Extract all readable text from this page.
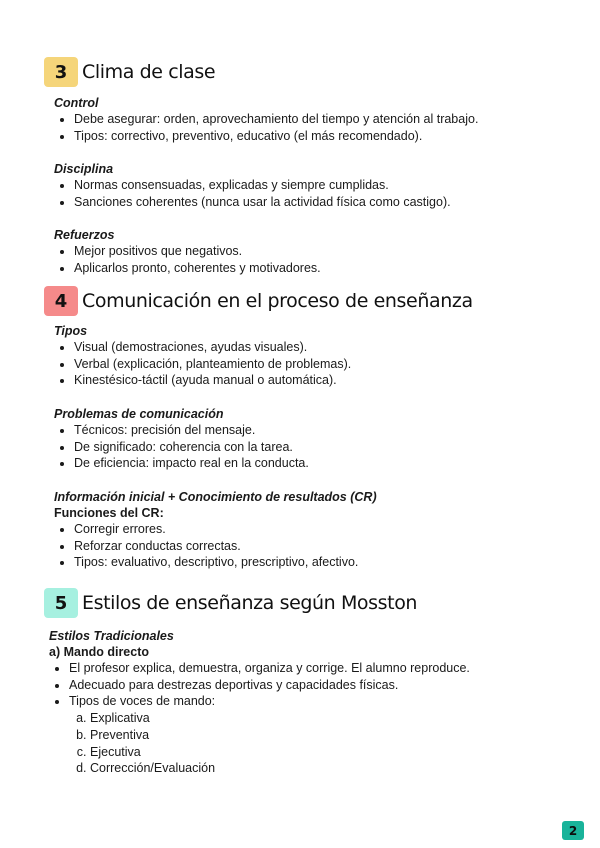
3 Clima de clase
Control
• Debe asegurar: orden, aprovechamiento del tiempo y atención al trabajo.
• Tipos: correctivo, preventivo, educativo (el más recomendado).
Disciplina
• Normas consensuadas, explicadas y siempre cumplidas.
• Sanciones coherentes (nunca usar la actividad física como castigo).
Refuerzos
• Mejor positivos que negativos.
• Aplicarlos pronto, coherentes y motivadores.
4 Comunicación en el proceso de enseñanza
Tipos
• Visual (demostraciones, ayudas visuales).
• Verbal (explicación, planteamiento de problemas).
• Kinestésico-táctil (ayuda manual o automática).
Problemas de comunicación
• Técnicos: precisión del mensaje.
• De significado: coherencia con la tarea.
• De eficiencia: impacto real en la conducta.
Información inicial + Conocimiento de resultados (CR)
Funciones del CR:
• Corregir errores.
• Reforzar conductas correctas.
• Tipos: evaluativo, descriptivo, prescriptivo, afectivo.
5 Estilos de enseñanza según Mosston
Estilos Tradicionales
a) Mando directo
• El profesor explica, demuestra, organiza y corrige. El alumno reproduce.
• Adecuado para destrezas deportivas y capacidades físicas.
• Tipos de voces de mando:
a. Explicativa
b. Preventiva
c. Ejecutiva
d. Corrección/Evaluación
2
